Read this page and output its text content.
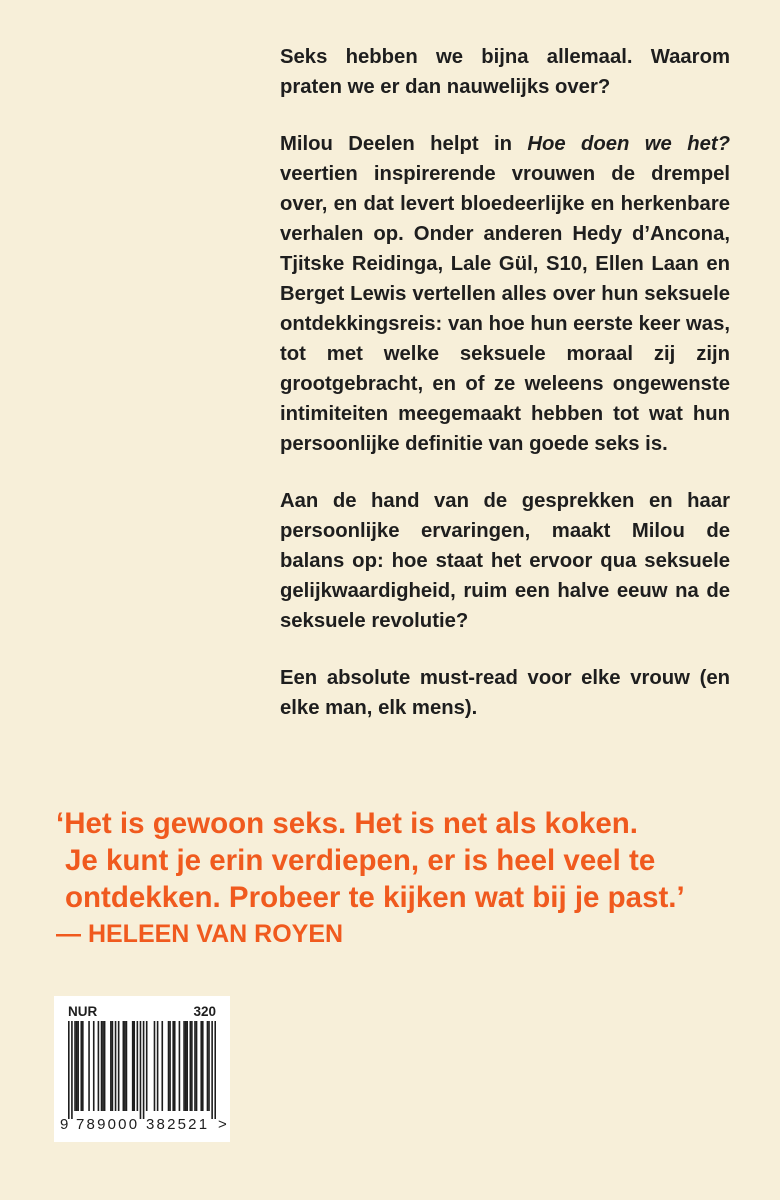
Seks hebben we bijna allemaal. Waarom praten we er dan nauwelijks over?

Milou Deelen helpt in Hoe doen we het? veertien inspirerende vrouwen de drempel over, en dat levert bloedeerlijke en herkenbare verhalen op. Onder anderen Hedy d’Ancona, Tjitske Reidinga, Lale Gül, S10, Ellen Laan en Berget Lewis vertellen alles over hun seksuele ontdekkingsreis: van hoe hun eerste keer was, tot met welke seksuele moraal zij zijn grootgebracht, en of ze weleens ongewenste intimiteiten meegemaakt hebben tot wat hun persoonlijke definitie van goede seks is.

Aan de hand van de gesprekken en haar persoonlijke ervaringen, maakt Milou de balans op: hoe staat het ervoor qua seksuele gelijkwaardigheid, ruim een halve eeuw na de seksuele revolutie?

Een absolute must-read voor elke vrouw (en elke man, elk mens).

‘Het is gewoon seks. Het is net als koken.
Je kunt je erin verdiepen, er is heel veel te
ontdekken. Probeer te kijken wat bij je past.’
— HELEEN VAN ROYEN
NUR	320
9 789000 382521 >
